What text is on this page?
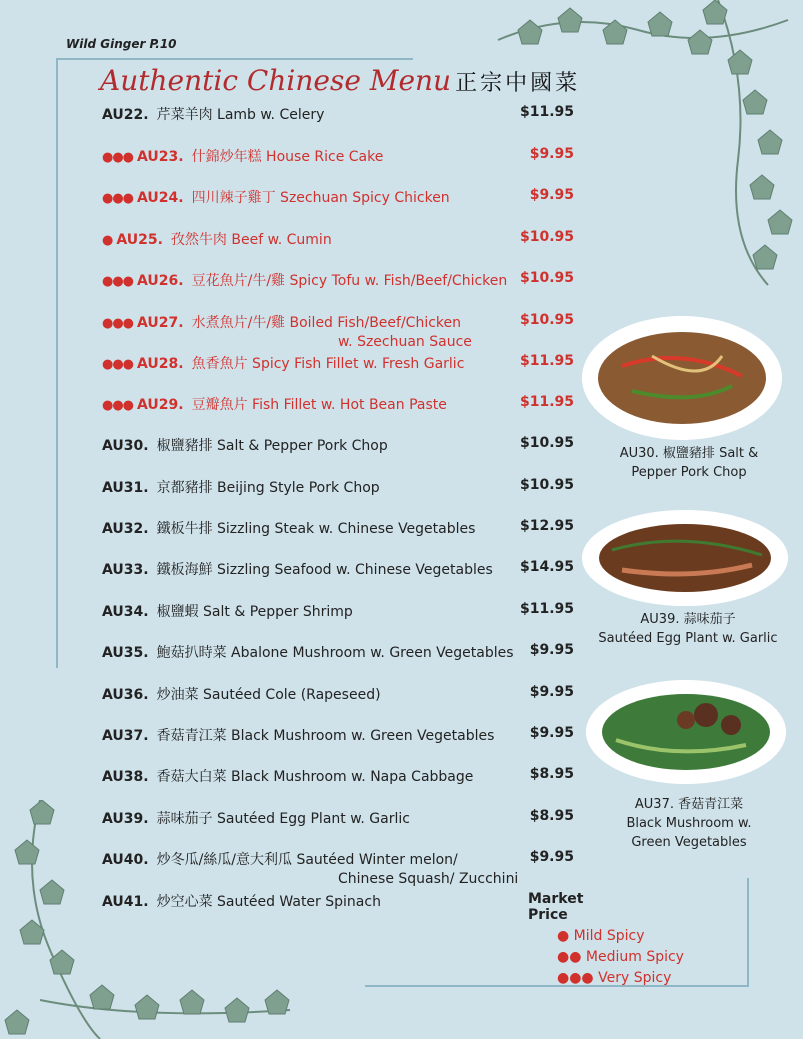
Wild Ginger P.10
Authentic Chinese Menu 正宗中國菜
AU22. 芹菜羊肉 Lamb w. Celery	$11.95
●●● AU23. 什錦炒年糕 House Rice Cake	$9.95
●●● AU24. 四川辣子雞丁 Szechuan Spicy Chicken	$9.95
● AU25. 孜然牛肉 Beef w. Cumin	$10.95
●●● AU26. 豆花魚片/牛/雞 Spicy Tofu w. Fish/Beef/Chicken $10.95
●●● AU27. 水煮魚片/牛/雞 Boiled Fish/Beef/Chicken	$10.95
w. Szechuan Sauce
●●● AU28. 魚香魚片 Spicy Fish Fillet w. Fresh Garlic	$11.95
●●● AU29. 豆瓣魚片 Fish Fillet w. Hot Bean Paste	$11.95
AU30. 椒鹽豬排 Salt & Pepper Pork Chop	$10.95
AU31. 京都豬排 Beijing Style Pork Chop	$10.95
AU32. 鐵板牛排 Sizzling Steak w. Chinese Vegetables	$12.95
AU33. 鐵板海鮮 Sizzling Seafood w. Chinese Vegetables	$14.95
AU34. 椒鹽蝦 Salt & Pepper Shrimp	$11.95
AU35. 鮑菇扒時菜 Abalone Mushroom w. Green Vegetables	$9.95
AU36. 炒油菜 Sautéed Cole (Rapeseed)	$9.95
AU37. 香菇青江菜 Black Mushroom w. Green Vegetables	$9.95
AU38. 香菇大白菜 Black Mushroom w. Napa Cabbage	$8.95
AU39. 蒜味茄子 Sautéed Egg Plant w. Garlic	$8.95
AU40. 炒冬瓜/絲瓜/意大利瓜 Sautéed Winter melon/	$9.95
Chinese Squash/ Zucchini
AU41. 炒空心菜 Sautéed Water Spinach	Market Price
AU30. 椒鹽豬排 Salt &
Pepper Pork Chop
AU39. 蒜味茄子
Sautéed Egg Plant w. Garlic
AU37. 香菇青江菜
Black Mushroom w.
Green Vegetables
● Mild Spicy
●● Medium Spicy
●●● Very Spicy
